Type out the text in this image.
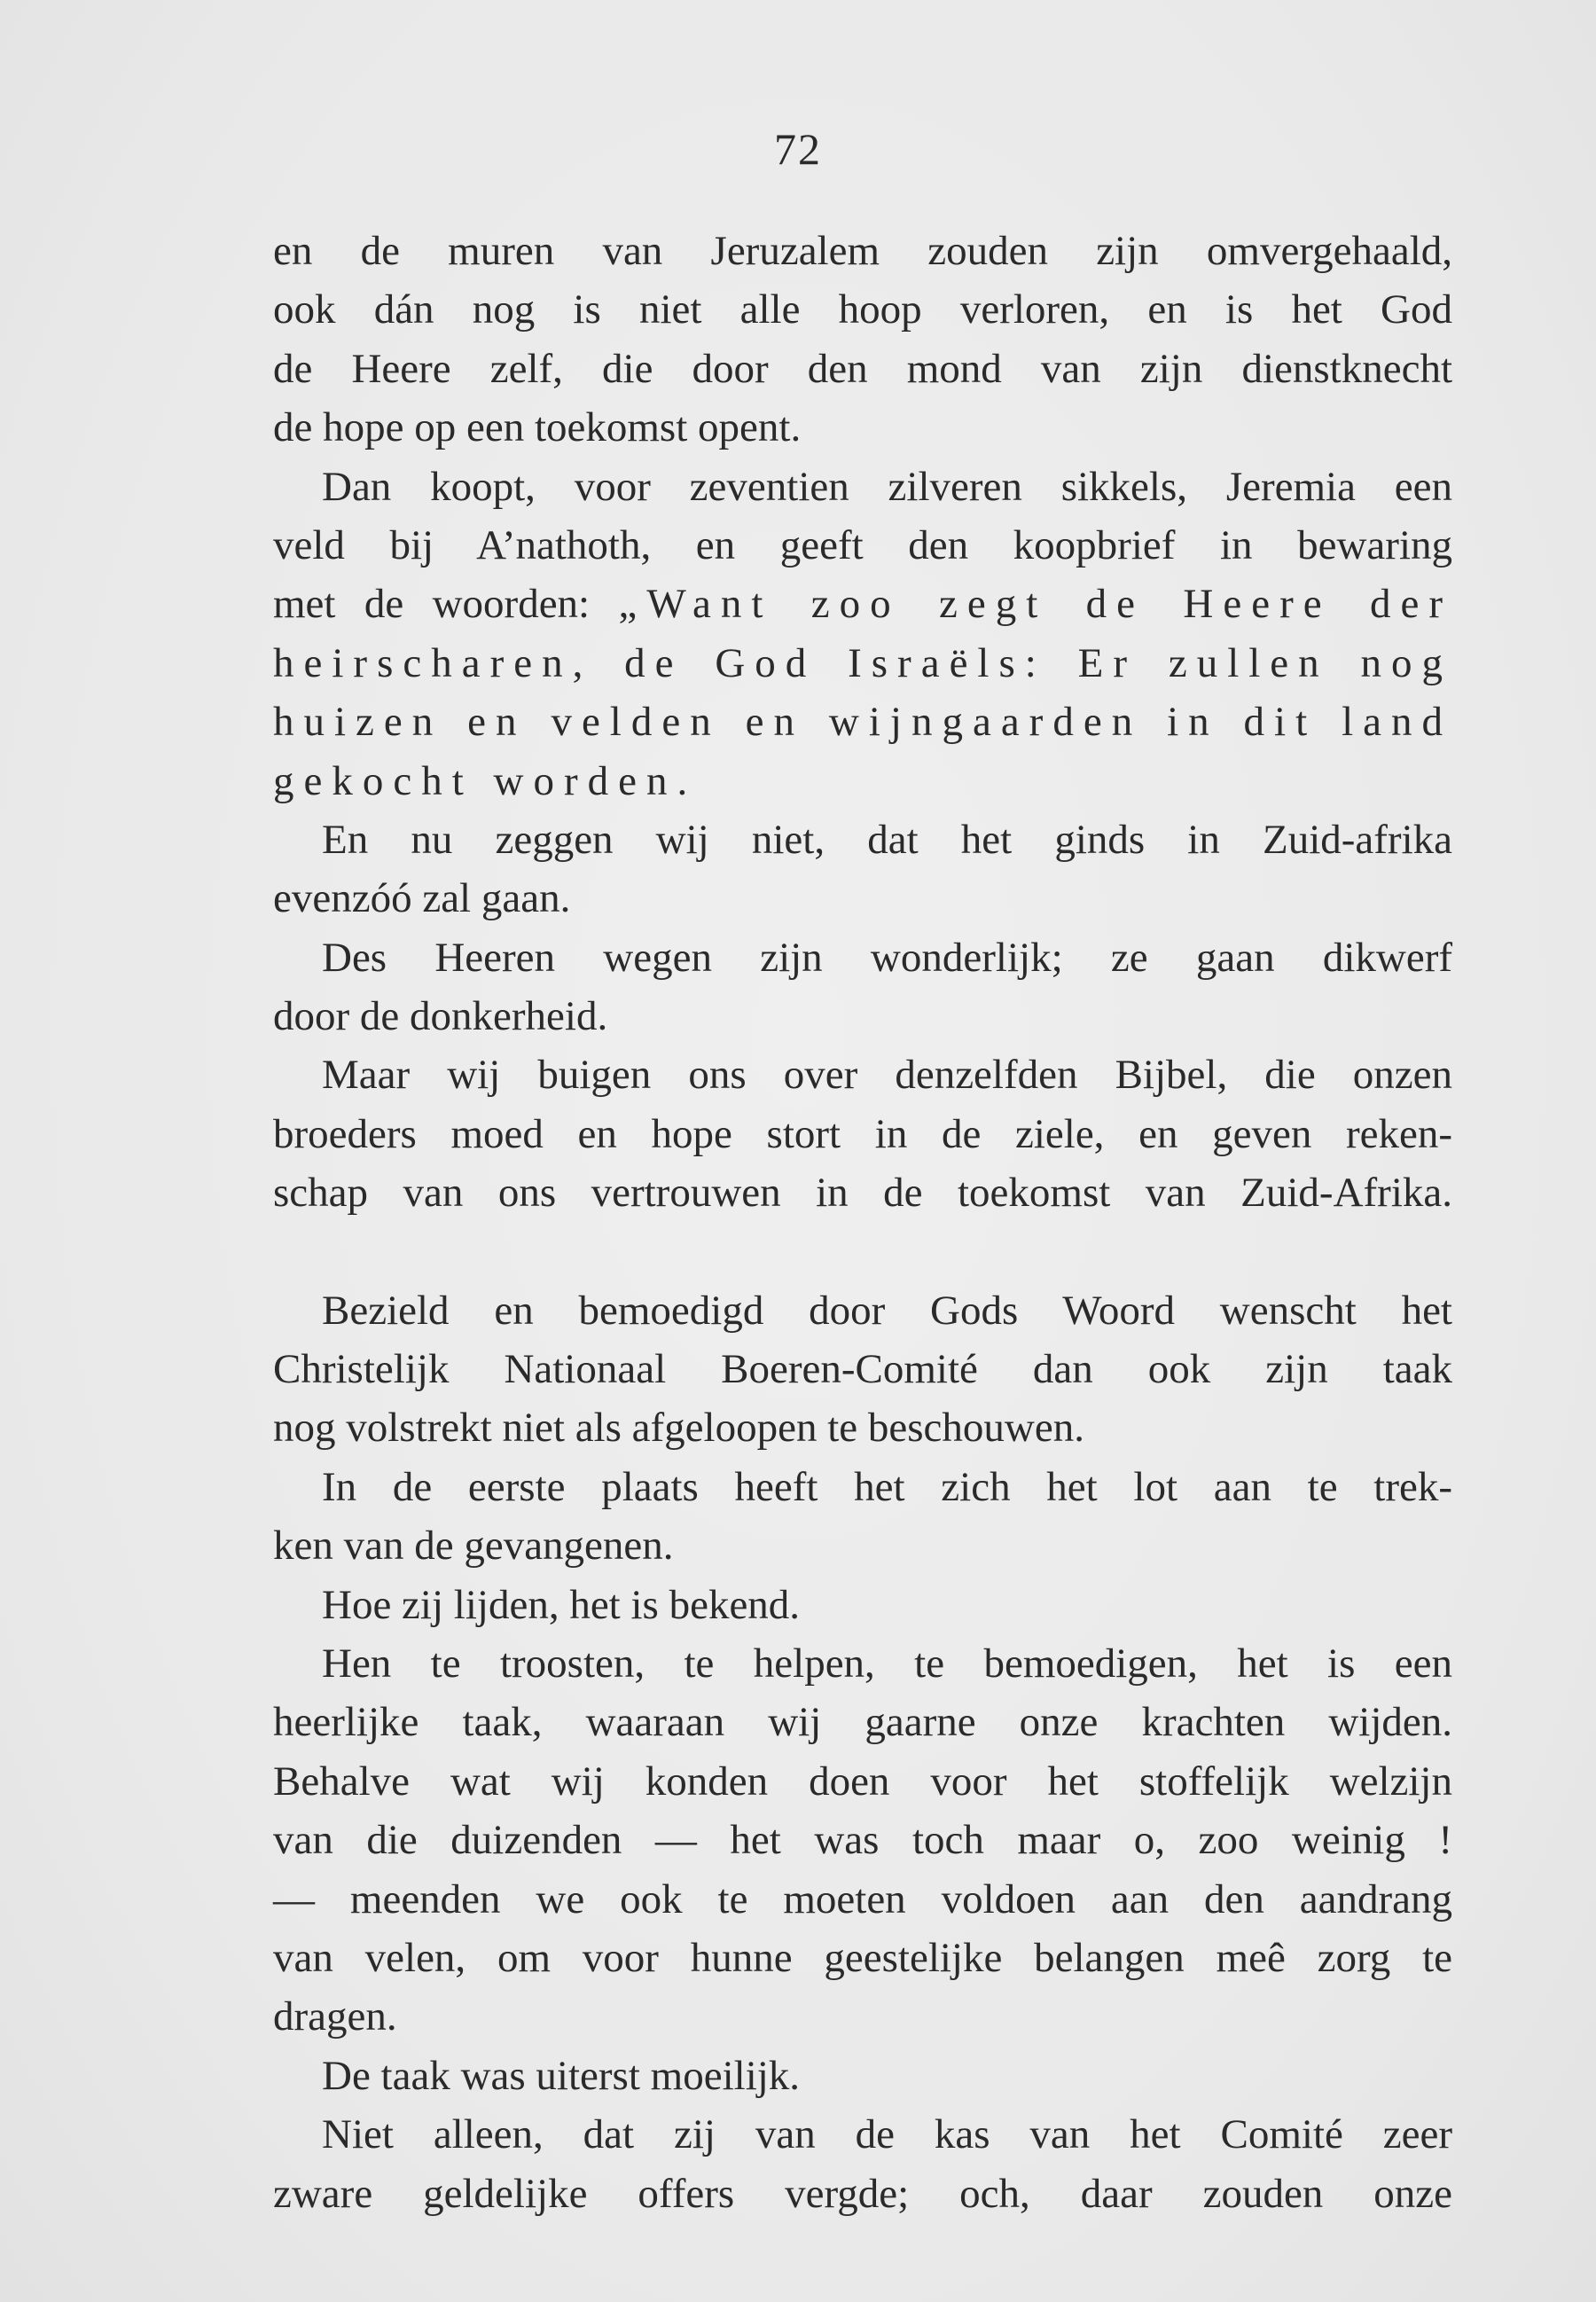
72
en de muren van Jeruzalem zouden zijn omvergehaald,
ook dán nog is niet alle hoop verloren, en is het God
de Heere zelf, die door den mond van zijn dienstknecht
de hope op een toekomst opent.
Dan koopt, voor zeventien zilveren sikkels, Jeremia een
veld bij A’nathoth, en geeft den koopbrief in bewaring
met de woorden: „Want zoo zegt de Heere der
heirscharen, de God Israëls: Er zullen nog
huizen en velden en wijngaarden in dit land
gekocht worden.
En nu zeggen wij niet, dat het ginds in Zuid-afrika
evenzóó zal gaan.
Des Heeren wegen zijn wonderlijk; ze gaan dikwerf
door de donkerheid.
Maar wij buigen ons over denzelfden Bijbel, die onzen
broeders moed en hope stort in de ziele, en geven reken-
schap van ons vertrouwen in de toekomst van Zuid-Afrika.
Bezield en bemoedigd door Gods Woord wenscht het
Christelijk Nationaal Boeren-Comité dan ook zijn taak
nog volstrekt niet als afgeloopen te beschouwen.
In de eerste plaats heeft het zich het lot aan te trek-
ken van de gevangenen.
Hoe zij lijden, het is bekend.
Hen te troosten, te helpen, te bemoedigen, het is een
heerlijke taak, waaraan wij gaarne onze krachten wijden.
Behalve wat wij konden doen voor het stoffelijk welzijn
van die duizenden — het was toch maar o, zoo weinig !
— meenden we ook te moeten voldoen aan den aandrang
van velen, om voor hunne geestelijke belangen meê zorg te
dragen.
De taak was uiterst moeilijk.
Niet alleen, dat zij van de kas van het Comité zeer
zware geldelijke offers vergde; och, daar zouden onze
